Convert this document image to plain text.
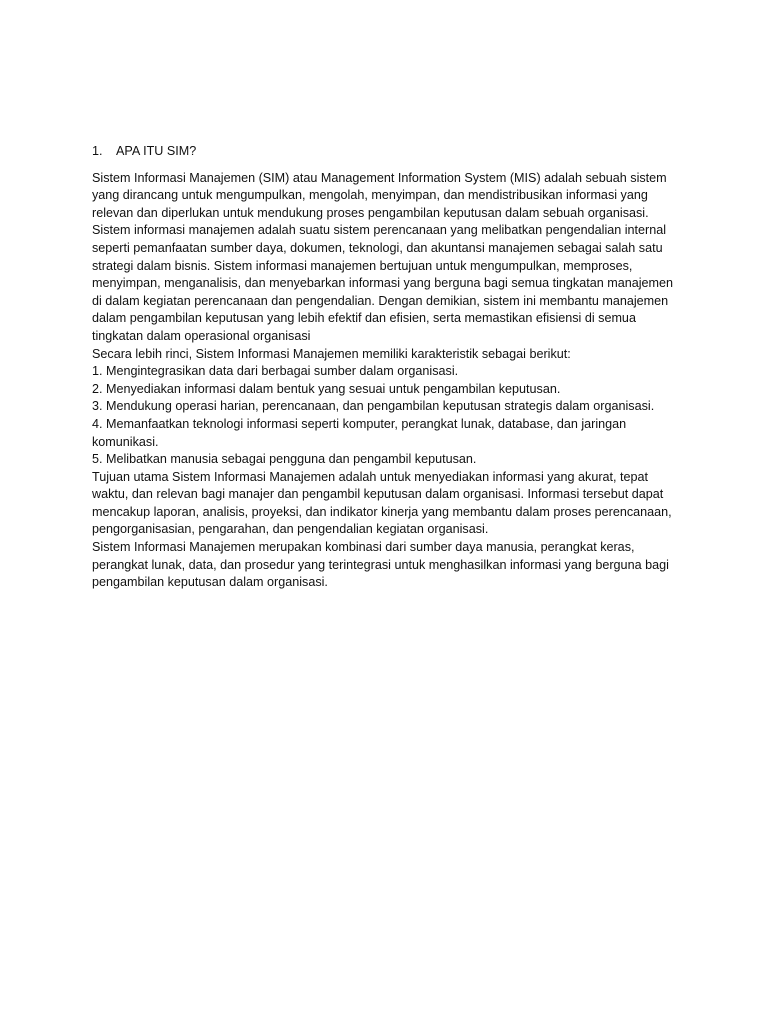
1.	APA ITU SIM?

Sistem Informasi Manajemen (SIM) atau Management Information System (MIS) adalah sebuah sistem yang dirancang untuk mengumpulkan, mengolah, menyimpan, dan mendistribusikan informasi yang relevan dan diperlukan untuk mendukung proses pengambilan keputusan dalam sebuah organisasi.

Sistem informasi manajemen adalah suatu sistem perencanaan yang melibatkan pengendalian internal seperti pemanfaatan sumber daya, dokumen, teknologi, dan akuntansi manajemen sebagai salah satu strategi dalam bisnis. Sistem informasi manajemen bertujuan untuk mengumpulkan, memproses, menyimpan, menganalisis, dan menyebarkan informasi yang berguna bagi semua tingkatan manajemen di dalam kegiatan perencanaan dan pengendalian. Dengan demikian, sistem ini membantu manajemen dalam pengambilan keputusan yang lebih efektif dan efisien, serta memastikan efisiensi di semua tingkatan dalam operasional organisasi

Secara lebih rinci, Sistem Informasi Manajemen memiliki karakteristik sebagai berikut:

1. Mengintegrasikan data dari berbagai sumber dalam organisasi.

2. Menyediakan informasi dalam bentuk yang sesuai untuk pengambilan keputusan.

3. Mendukung operasi harian, perencanaan, dan pengambilan keputusan strategis dalam organisasi.

4. Memanfaatkan teknologi informasi seperti komputer, perangkat lunak, database, dan jaringan komunikasi.

5. Melibatkan manusia sebagai pengguna dan pengambil keputusan.

Tujuan utama Sistem Informasi Manajemen adalah untuk menyediakan informasi yang akurat, tepat waktu, dan relevan bagi manajer dan pengambil keputusan dalam organisasi. Informasi tersebut dapat mencakup laporan, analisis, proyeksi, dan indikator kinerja yang membantu dalam proses perencanaan, pengorganisasian, pengarahan, dan pengendalian kegiatan organisasi.

Sistem Informasi Manajemen merupakan kombinasi dari sumber daya manusia, perangkat keras, perangkat lunak, data, dan prosedur yang terintegrasi untuk menghasilkan informasi yang berguna bagi pengambilan keputusan dalam organisasi.
